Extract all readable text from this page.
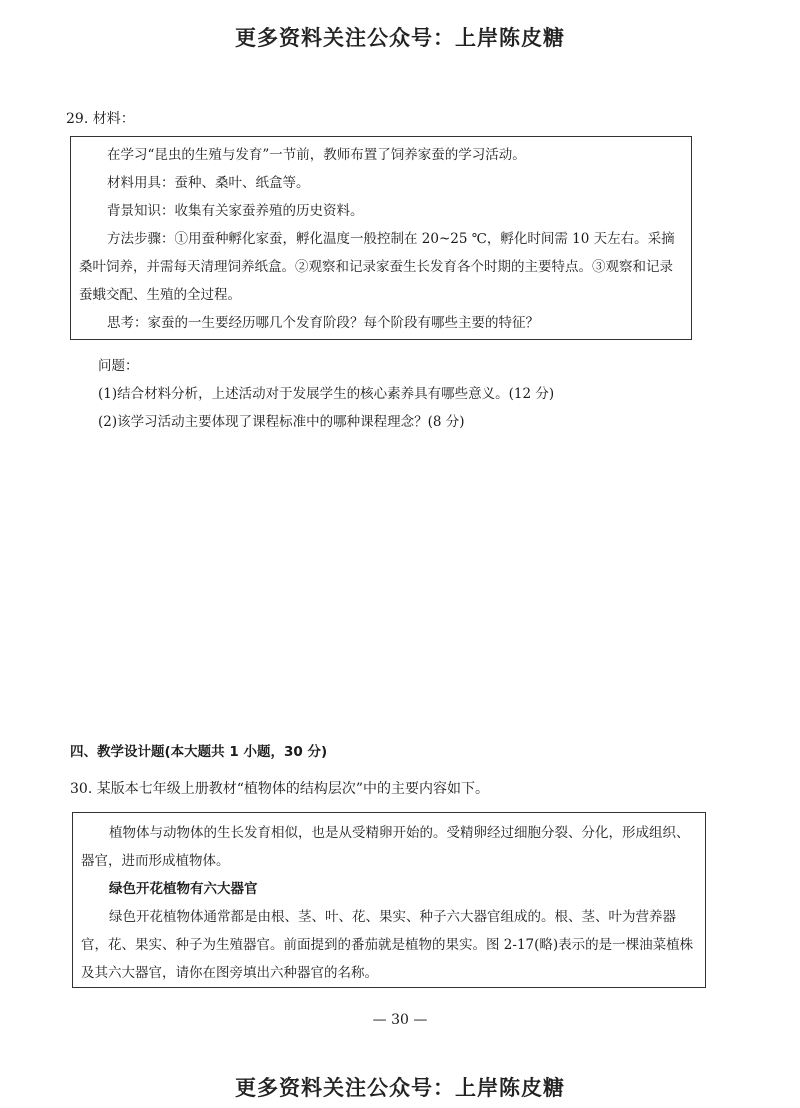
更多资料关注公众号：上岸陈皮糖
29. 材料：

在学习“昆虫的生殖与发育”一节前，教师布置了饲养家蚕的学习活动。

材料用具：蚕种、桑叶、纸盒等。

背景知识：收集有关家蚕养殖的历史资料。

方法步骤：①用蚕种孵化家蚕，孵化温度一般控制在 20~25 ℃，孵化时间需 10 天左右。采摘桑叶饲养，并需每天清理饲养纸盒。②观察和记录家蚕生长发育各个时期的主要特点。③观察和记录蚕蛾交配、生殖的全过程。

思考：家蚕的一生要经历哪几个发育阶段？每个阶段有哪些主要的特征？

问题：
(1)结合材料分析，上述活动对于发展学生的核心素养具有哪些意义。(12 分)
(2)该学习活动主要体现了课程标准中的哪种课程理念？(8 分)
四、教学设计题(本大题共 1 小题，30 分)
30. 某版本七年级上册教材“植物体的结构层次”中的主要内容如下。

植物体与动物体的生长发育相似，也是从受精卵开始的。受精卵经过细胞分裂、分化，形成组织、器官，进而形成植物体。

绿色开花植物有六大器官

绿色开花植物体通常都是由根、茎、叶、花、果实、种子六大器官组成的。根、茎、叶为营养器官，花、果实、种子为生殖器官。前面提到的番茄就是植物的果实。图 2-17(略)表示的是一棵油菜植株及其六大器官，请你在图旁填出六种器官的名称。

— 30 —
更多资料关注公众号：上岸陈皮糖
